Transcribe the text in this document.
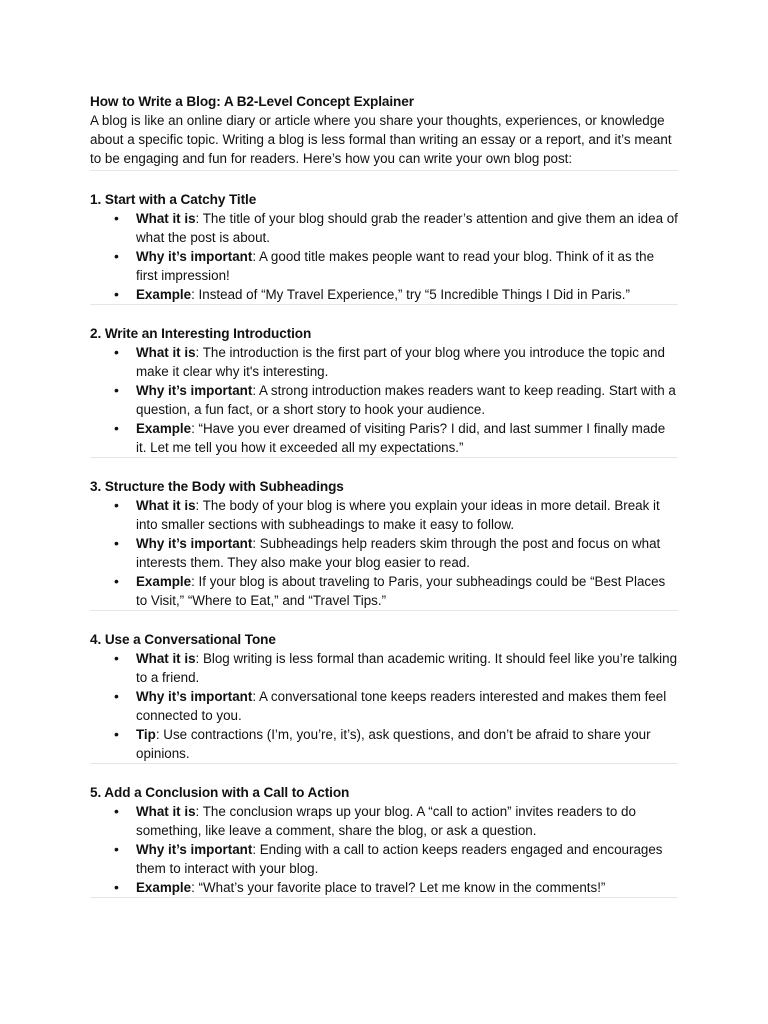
How to Write a Blog: A B2-Level Concept Explainer

A blog is like an online diary or article where you share your thoughts, experiences, or knowledge about a specific topic. Writing a blog is less formal than writing an essay or a report, and it’s meant to be engaging and fun for readers. Here’s how you can write your own blog post:

1. Start with a Catchy Title
• What it is: The title of your blog should grab the reader’s attention and give them an idea of what the post is about.
• Why it’s important: A good title makes people want to read your blog. Think of it as the first impression!
• Example: Instead of “My Travel Experience,” try “5 Incredible Things I Did in Paris.”
2. Write an Interesting Introduction
• What it is: The introduction is the first part of your blog where you introduce the topic and make it clear why it's interesting.
• Why it’s important: A strong introduction makes readers want to keep reading. Start with a question, a fun fact, or a short story to hook your audience.
• Example: “Have you ever dreamed of visiting Paris? I did, and last summer I finally made it. Let me tell you how it exceeded all my expectations.”
3. Structure the Body with Subheadings
• What it is: The body of your blog is where you explain your ideas in more detail. Break it into smaller sections with subheadings to make it easy to follow.
• Why it’s important: Subheadings help readers skim through the post and focus on what interests them. They also make your blog easier to read.
• Example: If your blog is about traveling to Paris, your subheadings could be “Best Places to Visit,” “Where to Eat,” and “Travel Tips.”
4. Use a Conversational Tone
• What it is: Blog writing is less formal than academic writing. It should feel like you’re talking to a friend.
• Why it’s important: A conversational tone keeps readers interested and makes them feel connected to you.
• Tip: Use contractions (I’m, you’re, it’s), ask questions, and don’t be afraid to share your opinions.
5. Add a Conclusion with a Call to Action
• What it is: The conclusion wraps up your blog. A “call to action” invites readers to do something, like leave a comment, share the blog, or ask a question.
• Why it’s important: Ending with a call to action keeps readers engaged and encourages them to interact with your blog.
• Example: “What’s your favorite place to travel? Let me know in the comments!”
